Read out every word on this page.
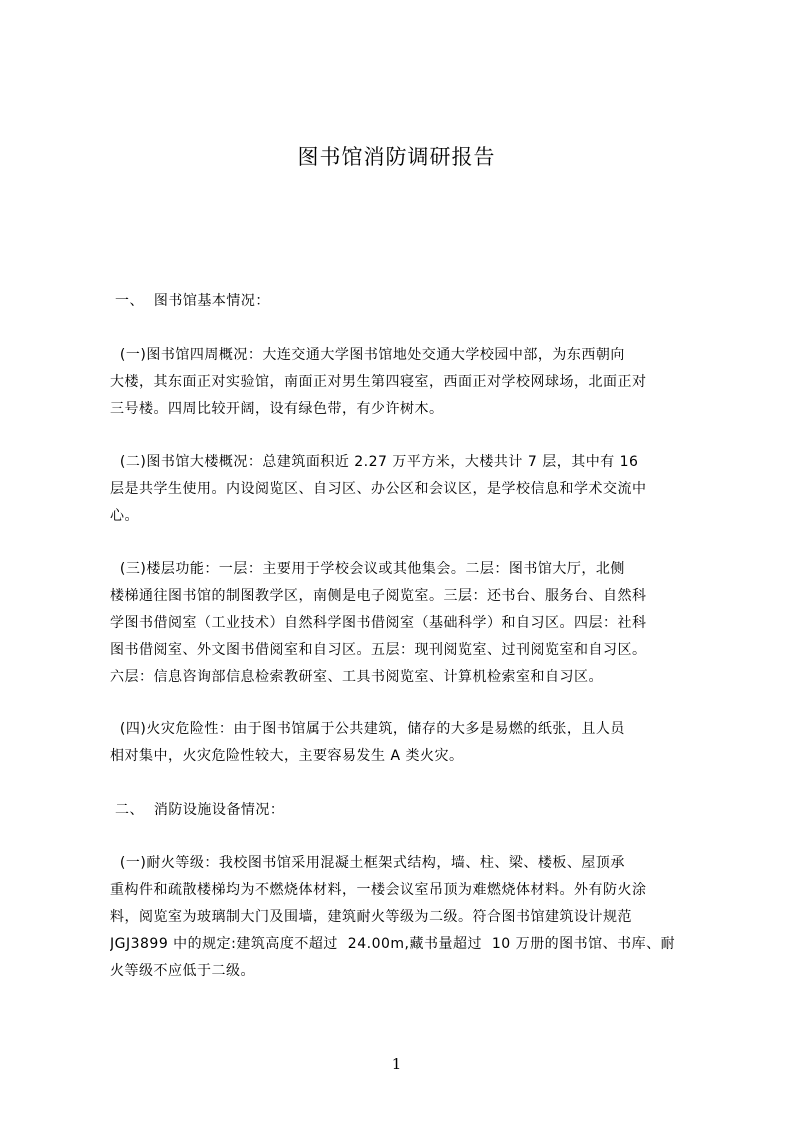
图书馆消防调研报告
一、  图书馆基本情况：
(一)图书馆四周概况：大连交通大学图书馆地处交通大学校园中部，为东西朝向
大楼，其东面正对实验馆，南面正对男生第四寝室，西面正对学校网球场，北面正对
三号楼。四周比较开阔，设有绿色带，有少许树木。
(二)图书馆大楼概况：总建筑面积近 2.27 万平方米，大楼共计 7 层，其中有 16
层是共学生使用。内设阅览区、自习区、办公区和会议区，是学校信息和学术交流中
心。
(三)楼层功能：一层：主要用于学校会议或其他集会。二层：图书馆大厅，北侧
楼梯通往图书馆的制图教学区，南侧是电子阅览室。三层：还书台、服务台、自然科
学图书借阅室（工业技术）自然科学图书借阅室（基础科学）和自习区。四层：社科
图书借阅室、外文图书借阅室和自习区。五层：现刊阅览室、过刊阅览室和自习区。
六层：信息咨询部信息检索教研室、工具书阅览室、计算机检索室和自习区。
(四)火灾危险性：由于图书馆属于公共建筑，储存的大多是易燃的纸张，且人员
相对集中，火灾危险性较大，主要容易发生 A 类火灾。
二、  消防设施设备情况：
(一)耐火等级：我校图书馆采用混凝土框架式结构，墙、柱、梁、楼板、屋顶承
重构件和疏散楼梯均为不燃烧体材料，一楼会议室吊顶为难燃烧体材料。外有防火涂
料，阅览室为玻璃制大门及围墙，建筑耐火等级为二级。符合图书馆建筑设计规范
JGJ3899 中的规定:建筑高度不超过  24.00m,藏书量超过  10 万册的图书馆、书库、耐
火等级不应低于二级。
1
